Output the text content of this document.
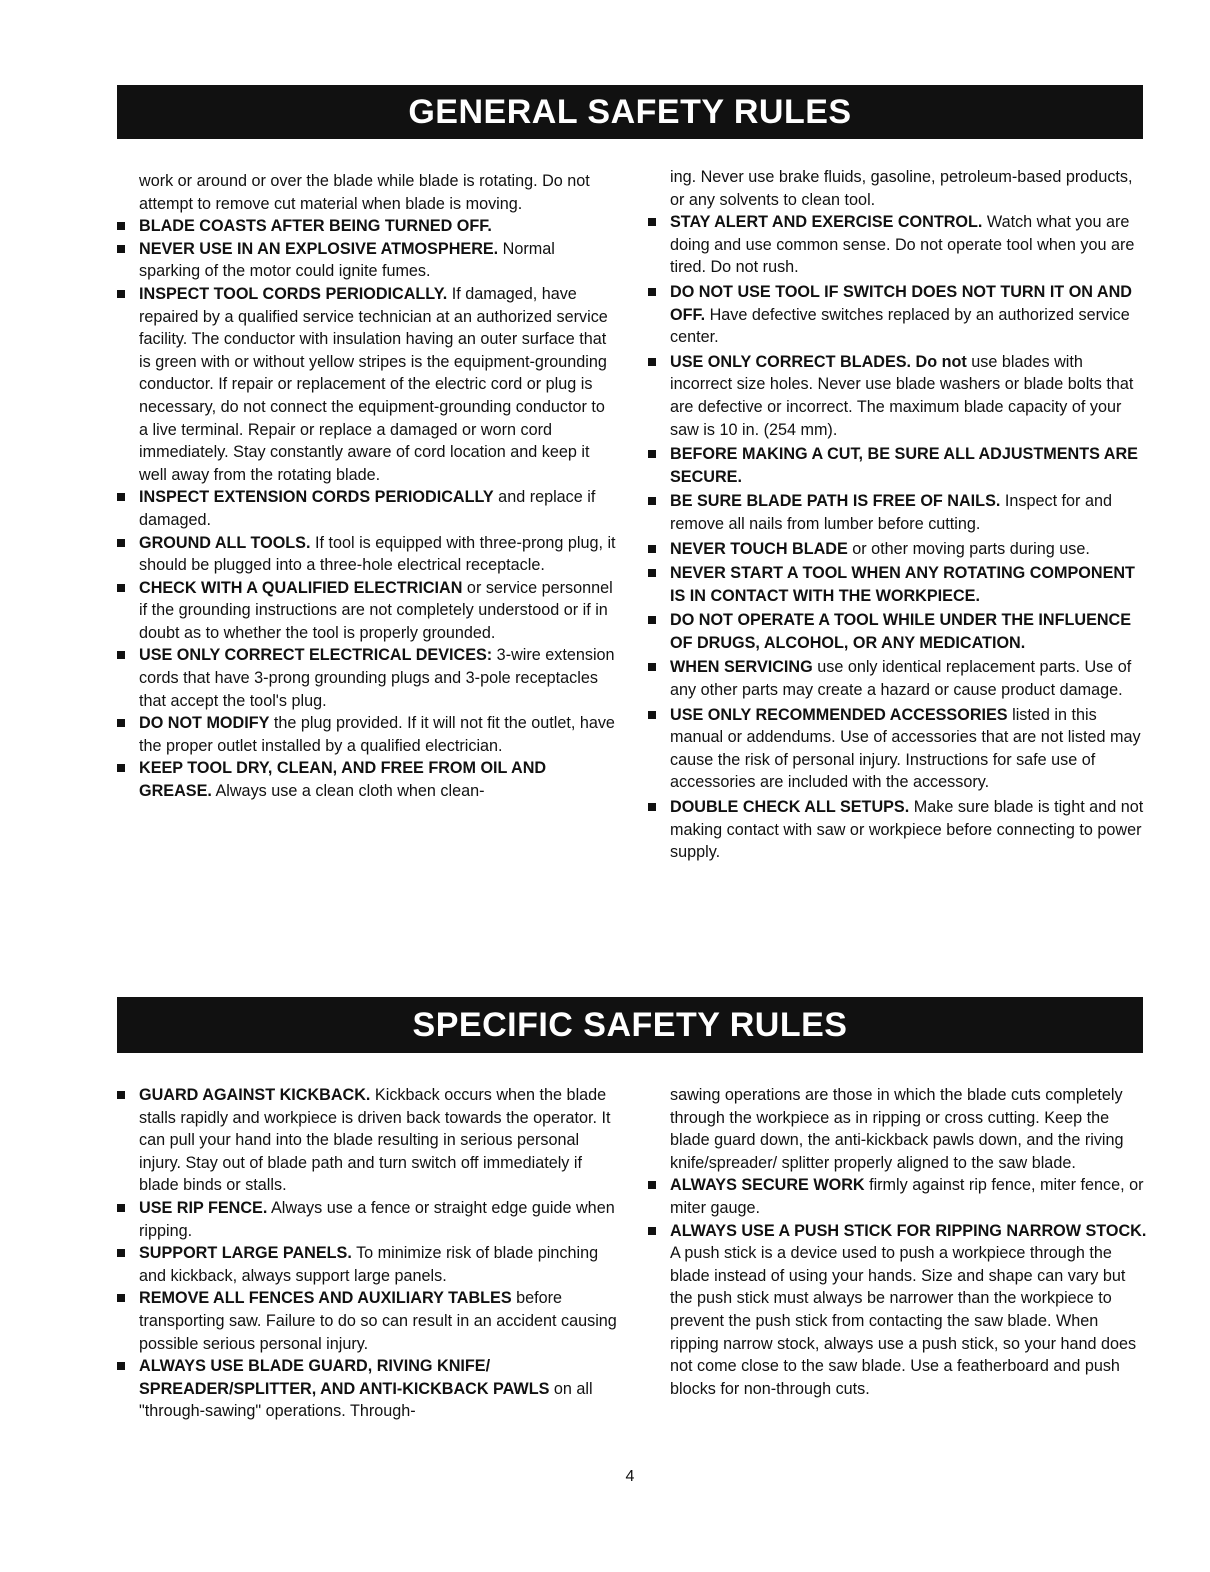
GENERAL SAFETY RULES

work or around or over the blade while blade is rotating. Do not attempt to remove cut material when blade is moving.

BLADE COASTS AFTER BEING TURNED OFF.

NEVER USE IN AN EXPLOSIVE ATMOSPHERE. Normal sparking of the motor could ignite fumes.

INSPECT TOOL CORDS PERIODICALLY. If damaged, have repaired by a qualified service technician at an authorized service facility. The conductor with insulation having an outer surface that is green with or without yellow stripes is the equipment-grounding conductor. If repair or replacement of the electric cord or plug is necessary, do not connect the equipment-grounding conductor to a live terminal. Repair or replace a damaged or worn cord immediately. Stay constantly aware of cord location and keep it well away from the rotating blade.

INSPECT EXTENSION CORDS PERIODICALLY and replace if damaged.

GROUND ALL TOOLS. If tool is equipped with three-prong plug, it should be plugged into a three-hole electrical receptacle.

CHECK WITH A QUALIFIED ELECTRICIAN or service personnel if the grounding instructions are not completely understood or if in doubt as to whether the tool is properly grounded.

USE ONLY CORRECT ELECTRICAL DEVICES: 3-wire extension cords that have 3-prong grounding plugs and 3-pole receptacles that accept the tool's plug.

DO NOT MODIFY the plug provided. If it will not fit the outlet, have the proper outlet installed by a qualified electrician.

KEEP TOOL DRY, CLEAN, AND FREE FROM OIL AND GREASE. Always use a clean cloth when clean-

ing. Never use brake fluids, gasoline, petroleum-based products, or any solvents to clean tool.

STAY ALERT AND EXERCISE CONTROL. Watch what you are doing and use common sense. Do not operate tool when you are tired. Do not rush.

DO NOT USE TOOL IF SWITCH DOES NOT TURN IT ON AND OFF. Have defective switches replaced by an authorized service center.

USE ONLY CORRECT BLADES. Do not use blades with incorrect size holes. Never use blade washers or blade bolts that are defective or incorrect. The maximum blade capacity of your saw is 10 in. (254 mm).

BEFORE MAKING A CUT, BE SURE ALL ADJUSTMENTS ARE SECURE.

BE SURE BLADE PATH IS FREE OF NAILS. Inspect for and remove all nails from lumber before cutting.

NEVER TOUCH BLADE or other moving parts during use.

NEVER START A TOOL WHEN ANY ROTATING COMPONENT IS IN CONTACT WITH THE WORKPIECE.

DO NOT OPERATE A TOOL WHILE UNDER THE INFLUENCE OF DRUGS, ALCOHOL, OR ANY MEDICATION.

WHEN SERVICING use only identical replacement parts. Use of any other parts may create a hazard or cause product damage.

USE ONLY RECOMMENDED ACCESSORIES listed in this manual or addendums. Use of accessories that are not listed may cause the risk of personal injury. Instructions for safe use of accessories are included with the accessory.

DOUBLE CHECK ALL SETUPS. Make sure blade is tight and not making contact with saw or workpiece before connecting to power supply.

SPECIFIC SAFETY RULES

GUARD AGAINST KICKBACK. Kickback occurs when the blade stalls rapidly and workpiece is driven back towards the operator. It can pull your hand into the blade resulting in serious personal injury. Stay out of blade path and turn switch off immediately if blade binds or stalls.

USE RIP FENCE. Always use a fence or straight edge guide when ripping.

SUPPORT LARGE PANELS. To minimize risk of blade pinching and kickback, always support large panels.

REMOVE ALL FENCES AND AUXILIARY TABLES before transporting saw. Failure to do so can result in an accident causing possible serious personal injury.

ALWAYS USE BLADE GUARD, RIVING KNIFE/ SPREADER/SPLITTER, AND ANTI-KICKBACK PAWLS on all "through-sawing" operations. Through-

sawing operations are those in which the blade cuts completely through the workpiece as in ripping or cross cutting. Keep the blade guard down, the anti-kickback pawls down, and the riving knife/spreader/ splitter properly aligned to the saw blade.

ALWAYS SECURE WORK firmly against rip fence, miter fence, or miter gauge.

ALWAYS USE A PUSH STICK FOR RIPPING NARROW STOCK. A push stick is a device used to push a workpiece through the blade instead of using your hands. Size and shape can vary but the push stick must always be narrower than the workpiece to prevent the push stick from contacting the saw blade. When ripping narrow stock, always use a push stick, so your hand does not come close to the saw blade. Use a featherboard and push blocks for non-through cuts.

4
